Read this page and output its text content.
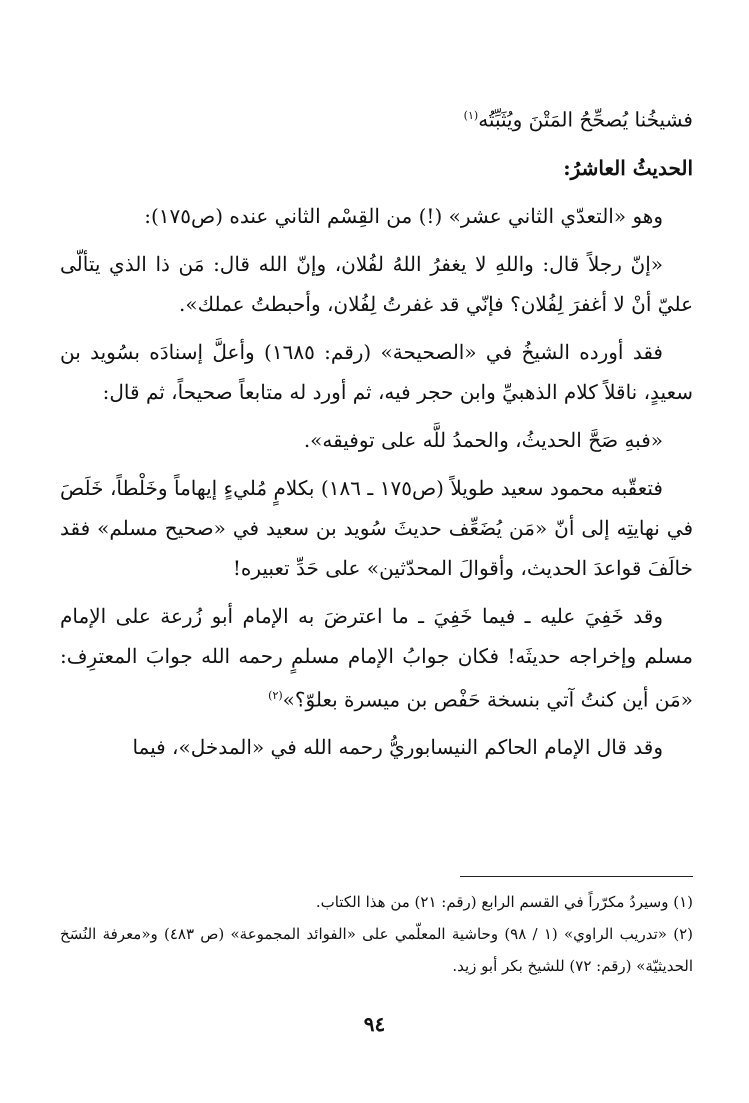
فشيخُنا يُصحِّحُ المَتْنَ ويُثَبِّتُه$^{(١)}$

الحديثُ العاشرُ:

وهو «التعدّي الثاني عشر» (!) من القِسْم الثاني عنده (ص١٧٥):

«إنّ رجلاً قال: واللهِ لا يغفرُ اللهُ لفُلان، وإنّ الله قال: مَن ذا الذي يتألّى عليّ أنْ لا أغفرَ لِفُلان؟ فإنّي قد غفرتُ لِفُلان، وأحبطتُ عملك».

فقد أورده الشيخُ في «الصحيحة» (رقم: ١٦٨٥) وأعلَّ إسنادَه بسُويد بن سعيدٍ، ناقلاً كلام الذهبيِّ وابن حجر فيه، ثم أورد له متابعاً صحيحاً، ثم قال:

«فبهِ صَحَّ الحديثُ، والحمدُ للَّه على توفيقه».

فتعقّبه محمود سعيد طويلاً (ص١٧٥ ـ ١٨٦) بكلامٍ مُليءٍ إيهاماً وخَلْطاً، خَلَصَ في نهايتِه إلى أنّ «مَن يُضَعِّف حديثَ سُويد بن سعيد في «صحيح مسلم» فقد خالَفَ قواعدَ الحديث، وأقوالَ المحدّثين» على حَدِّ تعبيره!

وقد خَفِيَ عليه ـ فيما خَفِيَ ـ ما اعترضَ به الإمام أبو زُرعة على الإمام مسلم وإخراجه حديثَه! فكان جوابُ الإمام مسلمٍ رحمه الله جوابَ المعترِف: «مَن أين كنتُ آتي بنسخة حَفْص بن ميسرة بعلوّ؟»$^{(٢)}$

وقد قال الإمام الحاكم النيسابوريُّ رحمه الله في «المدخل»، فيما

(١) وسيردُ مكرّراً في القسم الرابع (رقم: ٢١) من هذا الكتاب.

(٢) «تدريب الراوي» (١ / ٩٨) وحاشية المعلّمي على «الفوائد المجموعة» (ص ٤٨٣) و«معرفة النُسَخ الحديثيّة» (رقم: ٧٢) للشيخ بكر أبو زيد.

٩٤
